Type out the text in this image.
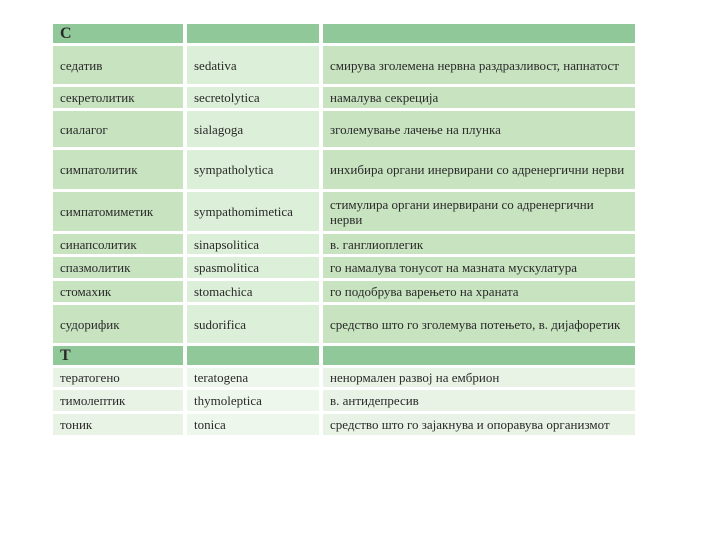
С		
седатив	sedativa	смирува зголемена нервна раздразливост, напнатост
секретолитик	secretolytica	намалува секреција
сиалагог	sialagoga	зголемување лачење на плунка
симпатолитик	sympatholytica	инхибира органи инервирани со адренергични нерви
симпатомиметик	sympathomimetica	стимулира органи инервирани со адренергични нерви
синапсолитик	sinapsolitica	в. ганглиоплегик
спазмолитик	spasmolitica	го намалува тонусот на мазната мускулатура
стомахик	stomachica	го подобрува варењето на храната
судорифик	sudorifica	средство што го зголемува потењето, в. дијафоретик
Т		
тератогено	teratogena	ненормален развој на ембрион
тимолептик	thymoleptica	в. антидепресив
тоник	tonica	средство што го зајакнува и опоравува организмот
